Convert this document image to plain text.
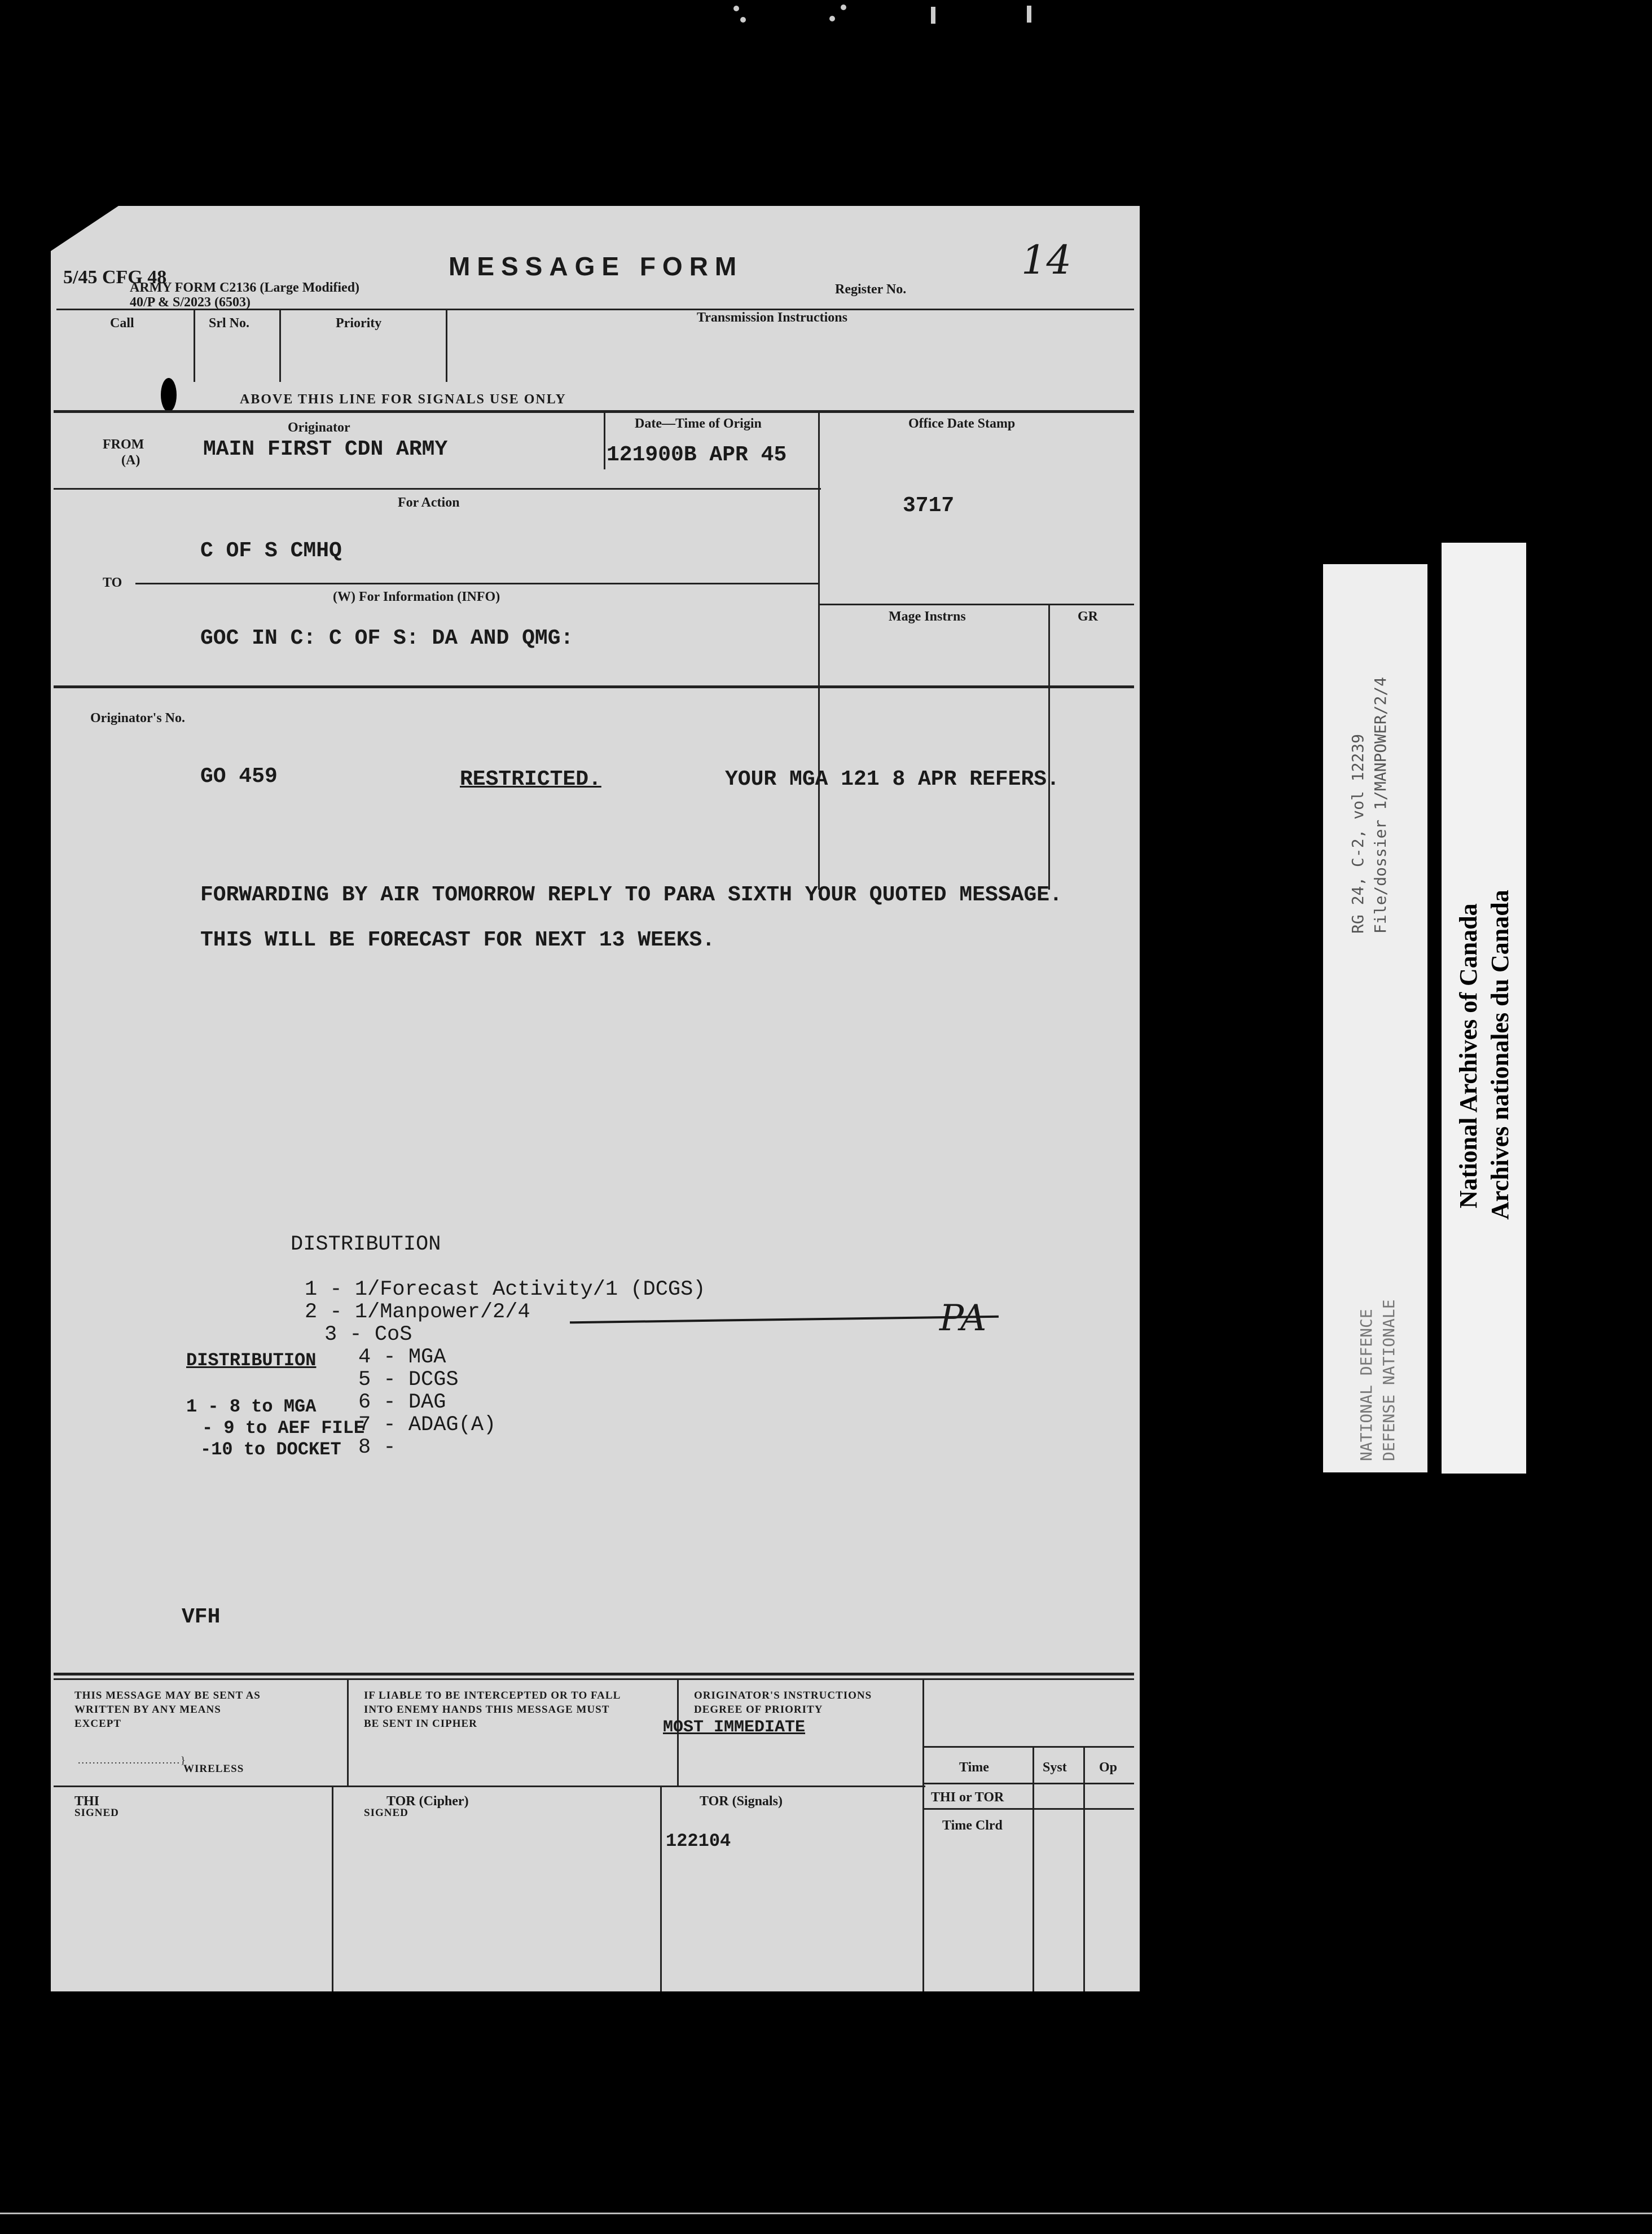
5/45 CFG 48
ARMY FORM C2136 (Large Modified)
40/P & S/2023 (6503)
MESSAGE FORM
Register No.
14
Call	Srl No.	Priority	Transmission Instructions
ABOVE THIS LINE FOR SIGNALS USE ONLY
Originator
FROM
(A)	MAIN FIRST CDN ARMY
Date—Time of Origin
121900B APR 45
Office Date Stamp
3717
For Action
C OF S CMHQ
TO
(W) For Information (INFO)
GOC IN C: C OF S: DA AND QMG:
Mage Instrns	GR
Originator's No.
GO 459	RESTRICTED.	YOUR MGA 121 8 APR REFERS.
FORWARDING BY AIR TOMORROW REPLY TO PARA SIXTH YOUR QUOTED MESSAGE.
THIS WILL BE FORECAST FOR NEXT 13 WEEKS.
DISTRIBUTION
1 - 1/Forecast Activity/1 (DCGS)
2 - 1/Manpower/2/4
3 - CoS
4 - MGA
5 - DCGS
6 - DAG
7 - ADAG(A)
8 -
PA
DISTRIBUTION
1 - 8 to MGA
- 9 to AEF FILE
-10 to DOCKET
VFH
THIS MESSAGE MAY BE SENT AS
WRITTEN BY ANY MEANS
EXCEPT
............................}
WIRELESS
SIGNED
IF LIABLE TO BE INTERCEPTED OR TO FALL
INTO ENEMY HANDS THIS MESSAGE MUST
BE SENT IN CIPHER
SIGNED
ORIGINATOR'S INSTRUCTIONS
DEGREE OF PRIORITY
MOST IMMEDIATE
Time	Syst Op
THI or TOR
Time Clrd
THI	TOR (Cipher)	TOR (Signals)
122104
RG 24, C-2, vol 12239 File/dossier 1/MANPOWER/2/4
NATIONAL DEFENCE DEFENSE NATIONALE
National Archives of Canada Archives nationales du Canada
